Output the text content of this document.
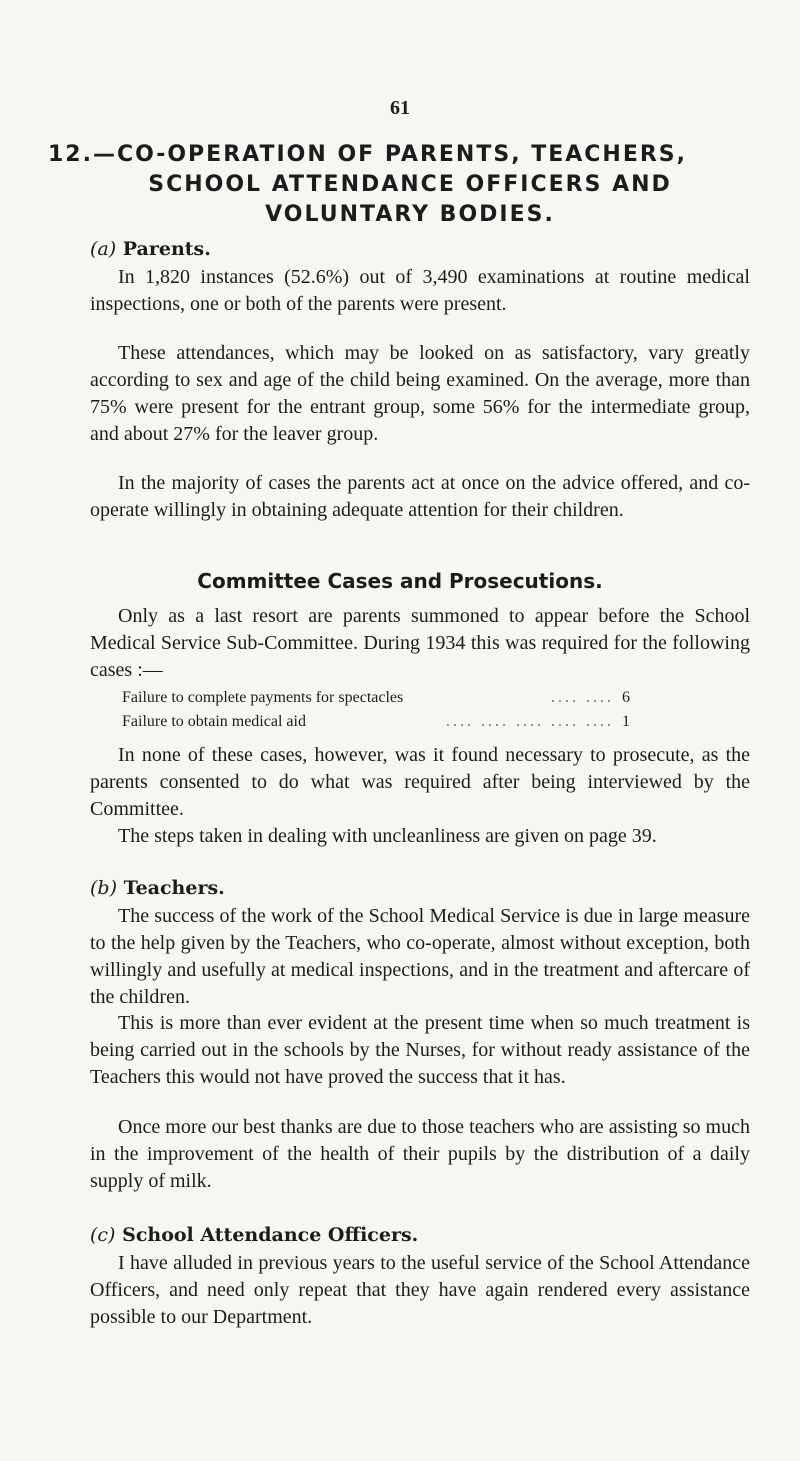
61
12.—CO-OPERATION OF PARENTS, TEACHERS,
SCHOOL ATTENDANCE OFFICERS AND
VOLUNTARY BODIES.
(a) Parents.
In 1,820 instances (52.6%) out of 3,490 examinations at routine medical inspections, one or both of the parents were present.
These attendances, which may be looked on as satisfactory, vary greatly according to sex and age of the child being examined. On the average, more than 75% were present for the entrant group, some 56% for the intermediate group, and about 27% for the leaver group.
In the majority of cases the parents act at once on the advice offered, and co-operate willingly in obtaining adequate attention for their children.
Committee Cases and Prosecutions.
Only as a last resort are parents summoned to appear before the School Medical Service Sub-Committee. During 1934 this was required for the following cases :—
Failure to complete payments for spectacles	.... .... 6
Failure to obtain medical aid	.... .... .... .... .... 1
In none of these cases, however, was it found necessary to prosecute, as the parents consented to do what was required after being interviewed by the Committee.
The steps taken in dealing with uncleanliness are given on page 39.
(b) Teachers.
The success of the work of the School Medical Service is due in large measure to the help given by the Teachers, who co-operate, almost without exception, both willingly and usefully at medical inspections, and in the treatment and aftercare of the children.
This is more than ever evident at the present time when so much treatment is being carried out in the schools by the Nurses, for without ready assistance of the Teachers this would not have proved the success that it has.
Once more our best thanks are due to those teachers who are assisting so much in the improvement of the health of their pupils by the distribution of a daily supply of milk.
(c) School Attendance Officers.
I have alluded in previous years to the useful service of the School Attendance Officers, and need only repeat that they have again rendered every assistance possible to our Department.
